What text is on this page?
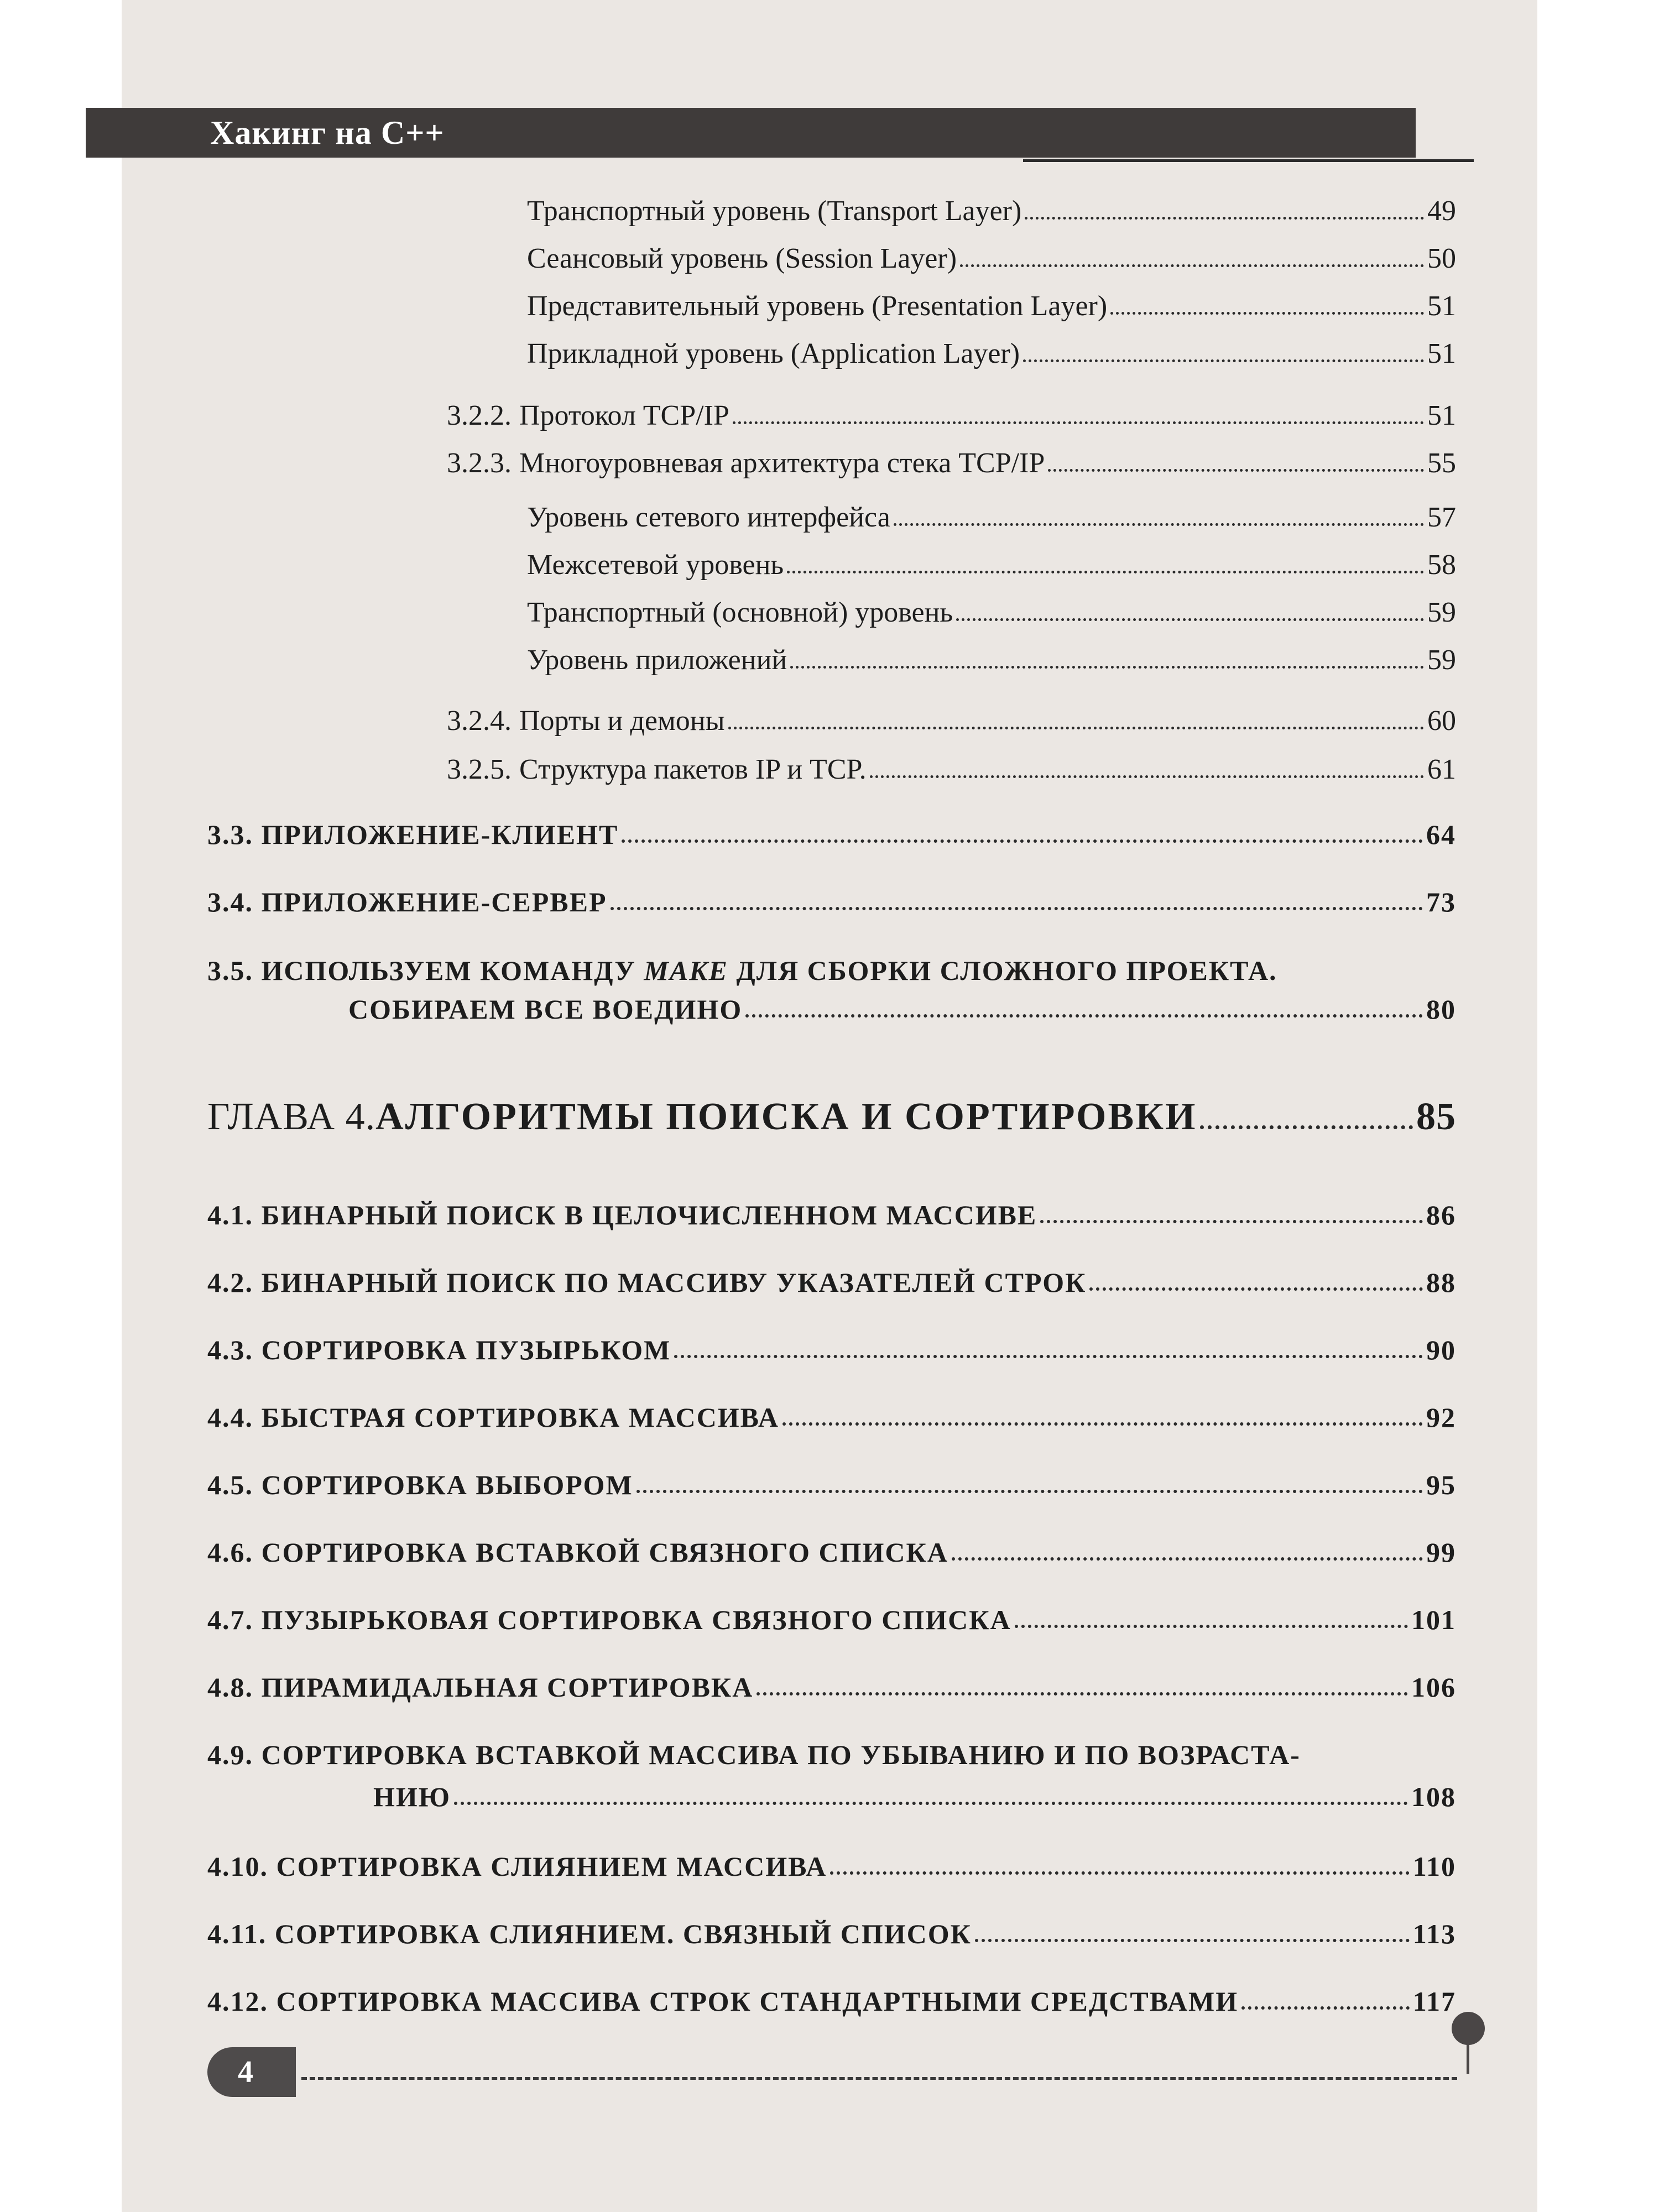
Хакинг на С++
Транспортный уровень (Transport Layer)	49
Сеансовый уровень (Session Layer)	50
Представительный уровень (Presentation Layer)	51
Прикладной уровень (Application Layer)	51
3.2.2. Протокол TCP/IP	51
3.2.3. Многоуровневая архитектура стека TCP/IP	55
Уровень сетевого интерфейса	57
Межсетевой уровень	58
Транспортный (основной) уровень	59
Уровень приложений	59
3.2.4. Порты и демоны	60
3.2.5. Структура пакетов IP и TCP.	61
3.3. ПРИЛОЖЕНИЕ-КЛИЕНТ	64
3.4. ПРИЛОЖЕНИЕ-СЕРВЕР	73
3.5. ИСПОЛЬЗУЕМ КОМАНДУ MAKE ДЛЯ СБОРКИ СЛОЖНОГО ПРОЕКТА.
СОБИРАЕМ ВСЕ ВОЕДИНО	80
ГЛАВА 4. АЛГОРИТМЫ ПОИСКА И СОРТИРОВКИ	85
4.1. БИНАРНЫЙ ПОИСК В ЦЕЛОЧИСЛЕННОМ МАССИВЕ	86
4.2. БИНАРНЫЙ ПОИСК ПО МАССИВУ УКАЗАТЕЛЕЙ СТРОК	88
4.3. СОРТИРОВКА ПУЗЫРЬКОМ	90
4.4. БЫСТРАЯ СОРТИРОВКА МАССИВА	92
4.5. СОРТИРОВКА ВЫБОРОМ	95
4.6. СОРТИРОВКА ВСТАВКОЙ СВЯЗНОГО СПИСКА	99
4.7. ПУЗЫРЬКОВАЯ СОРТИРОВКА СВЯЗНОГО СПИСКА	101
4.8. ПИРАМИДАЛЬНАЯ СОРТИРОВКА	106
4.9. СОРТИРОВКА ВСТАВКОЙ МАССИВА ПО УБЫВАНИЮ И ПО ВОЗРАСТА-
НИЮ	108
4.10. СОРТИРОВКА СЛИЯНИЕМ МАССИВА	110
4.11. СОРТИРОВКА СЛИЯНИЕМ. СВЯЗНЫЙ СПИСОК	113
4.12. СОРТИРОВКА МАССИВА СТРОК СТАНДАРТНЫМИ СРЕДСТВАМИ	117
4
